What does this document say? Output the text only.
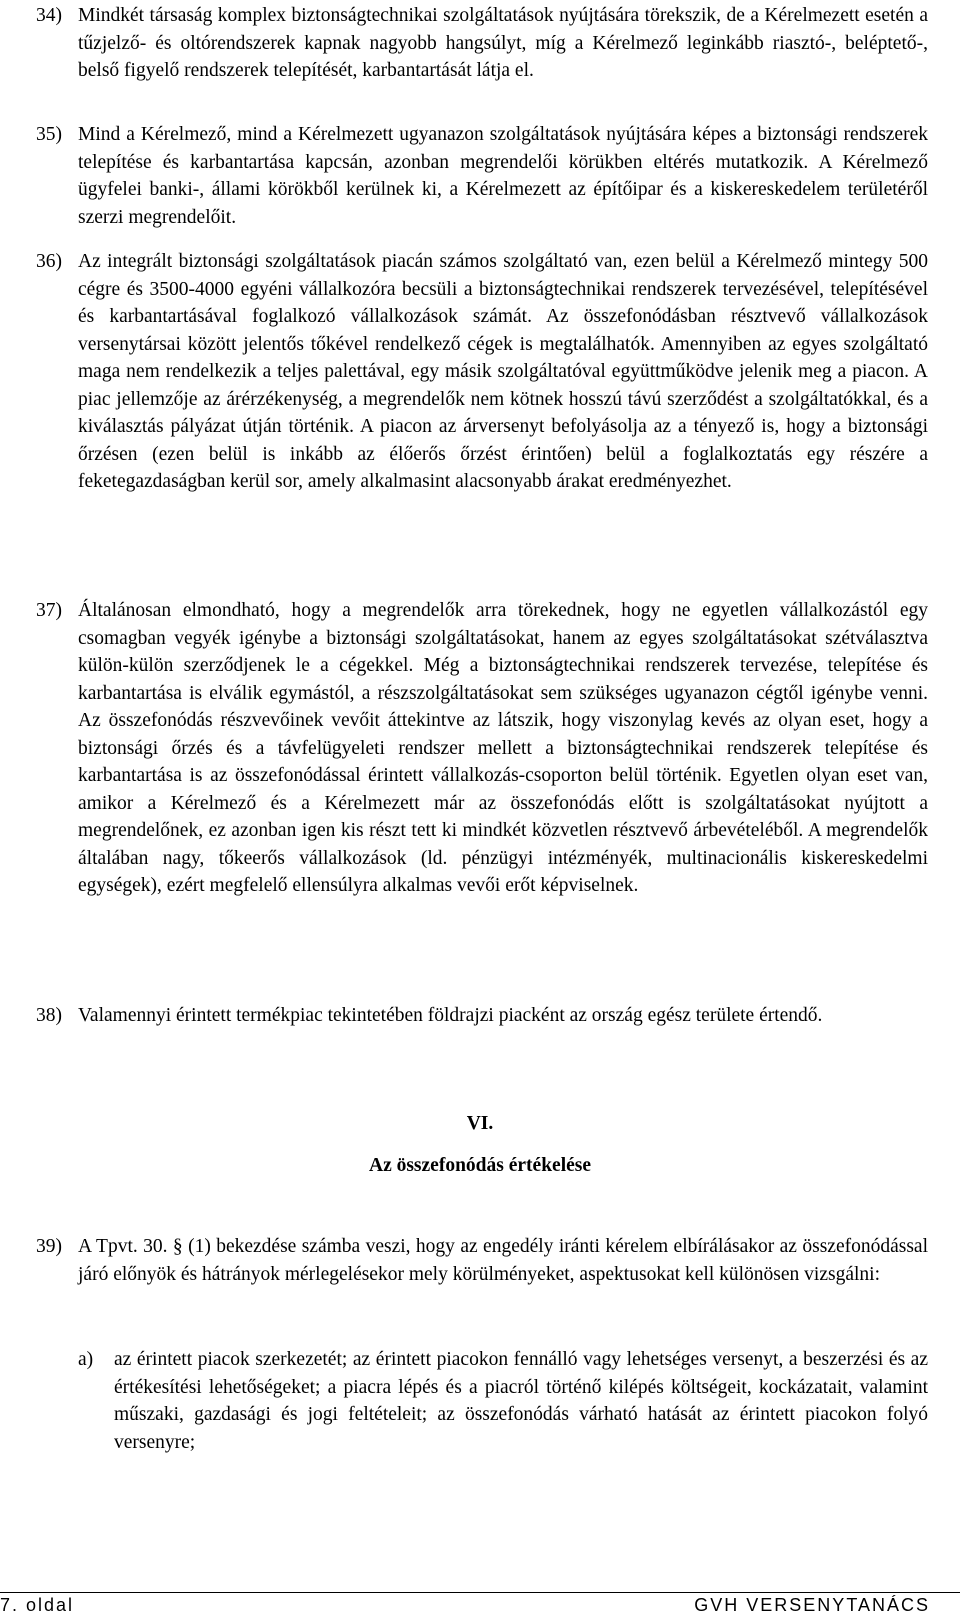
34) Mindkét társaság komplex biztonságtechnikai szolgáltatások nyújtására törekszik, de a Kérelmezett esetén a tűzjelző- és oltórendszerek kapnak nagyobb hangsúlyt, míg a Kérelmező leginkább riasztó-, beléptető-, belső figyelő rendszerek telepítését, karbantartását látja el.
35) Mind a Kérelmező, mind a Kérelmezett ugyanazon szolgáltatások nyújtására képes a biztonsági rendszerek telepítése és karbantartása kapcsán, azonban megrendelői körükben eltérés mutatkozik. A Kérelmező ügyfelei banki-, állami körökből kerülnek ki, a Kérelmezett az építőipar és a kiskereskedelem területéről szerzi megrendelőit.
36) Az integrált biztonsági szolgáltatások piacán számos szolgáltató van, ezen belül a Kérelmező mintegy 500 cégre és 3500-4000 egyéni vállalkozóra becsüli a biztonságtechnikai rendszerek tervezésével, telepítésével és karbantartásával foglalkozó vállalkozások számát. Az összefonódásban résztvevő vállalkozások versenytársai között jelentős tőkével rendelkező cégek is megtalálhatók. Amennyiben az egyes szolgáltató maga nem rendelkezik a teljes palettával, egy másik szolgáltatóval együttműködve jelenik meg a piacon. A piac jellemzője az árérzékenység, a megrendelők nem kötnek hosszú távú szerződést a szolgáltatókkal, és a kiválasztás pályázat útján történik. A piacon az árversenyt befolyásolja az a tényező is, hogy a biztonsági őrzésen (ezen belül is inkább az élőerős őrzést érintően) belül a foglalkoztatás egy részére a feketegazdaságban kerül sor, amely alkalmasint alacsonyabb árakat eredményezhet.
37) Általánosan elmondható, hogy a megrendelők arra törekednek, hogy ne egyetlen vállalkozástól egy csomagban vegyék igénybe a biztonsági szolgáltatásokat, hanem az egyes szolgáltatásokat szétválasztva külön-külön szerződjenek le a cégekkel. Még a biztonságtechnikai rendszerek tervezése, telepítése és karbantartása is elválik egymástól, a részszolgáltatásokat sem szükséges ugyanazon cégtől igénybe venni. Az összefonódás részvevőinek vevőit áttekintve az látszik, hogy viszonylag kevés az olyan eset, hogy a biztonsági őrzés és a távfelügyeleti rendszer mellett a biztonságtechnikai rendszerek telepítése és karbantartása is az összefonódással érintett vállalkozás-csoporton belül történik. Egyetlen olyan eset van, amikor a Kérelmező és a Kérelmezett már az összefonódás előtt is szolgáltatásokat nyújtott a megrendelőnek, ez azonban igen kis részt tett ki mindkét közvetlen résztvevő árbevételéből. A megrendelők általában nagy, tőkeerős vállalkozások (ld. pénzügyi intézményék, multinacionális kiskereskedelmi egységek), ezért megfelelő ellensúlyra alkalmas vevői erőt képviselnek.
38) Valamennyi érintett termékpiac tekintetében földrajzi piacként az ország egész területe értendő.
VI.
Az összefonódás értékelése
39) A Tpvt. 30. § (1) bekezdése számba veszi, hogy az engedély iránti kérelem elbírálásakor az összefonódással járó előnyök és hátrányok mérlegelésekor mely körülményeket, aspektusokat kell különösen vizsgálni:
a)	az érintett piacok szerkezetét; az érintett piacokon fennálló vagy lehetséges versenyt, a beszerzési és az értékesítési lehetőségeket; a piacra lépés és a piacról történő kilépés költségeit, kockázatait, valamint műszaki, gazdasági és jogi feltételeit; az összefonódás várható hatását az érintett piacokon folyó versenyre;
7. oldal	GVH VERSENYTANÁCS
